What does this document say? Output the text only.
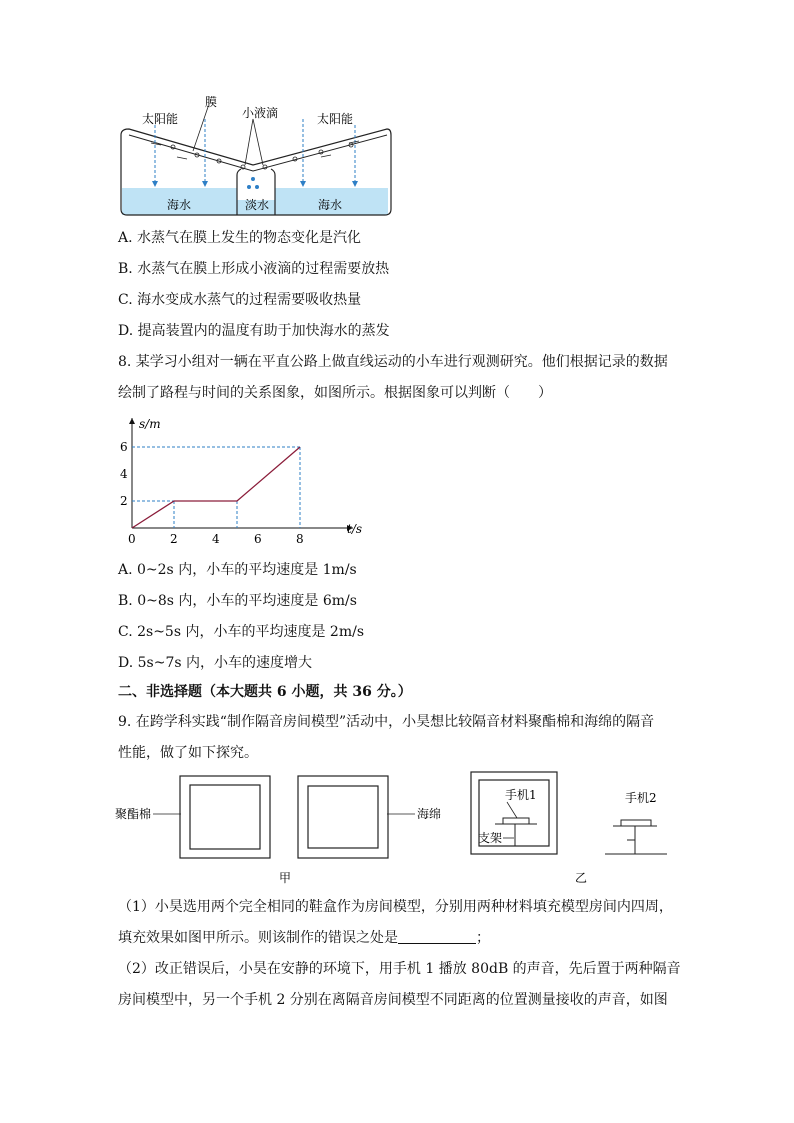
太阳能
膜
小液滴	太阳能
海水	淡水	海水
A. 水蒸气在膜上发生的物态变化是汽化
B. 水蒸气在膜上形成小液滴的过程需要放热
C. 海水变成水蒸气的过程需要吸收热量
D. 提高装置内的温度有助于加快海水的蒸发
8. 某学习小组对一辆在平直公路上做直线运动的小车进行观测研究。他们根据记录的数据
绘制了路程与时间的关系图象，如图所示。根据图象可以判断（　　）
0	2	4	6	8
2
4
6
s/m
t/s
A. 0~2s 内，小车的平均速度是 1m/s
B. 0~8s 内，小车的平均速度是 6m/s
C. 2s~5s 内，小车的平均速度是 2m/s
D. 5s~7s 内，小车的速度增大
二、非选择题（本大题共 6 小题，共 36 分。）
9. 在跨学科实践“制作隔音房间模型”活动中，小昊想比较隔音材料聚酯棉和海绵的隔音
性能，做了如下探究。
聚酯棉	海绵
手机1
支架
手机2
甲	乙
（1）小昊选用两个完全相同的鞋盒作为房间模型，分别用两种材料填充模型房间内四周，
填充效果如图甲所示。则该制作的错误之处是	；
（2）改正错误后，小昊在安静的环境下，用手机 1 播放 80dB 的声音，先后置于两种隔音
房间模型中，另一个手机 2 分别在离隔音房间模型不同距离的位置测量接收的声音，如图
